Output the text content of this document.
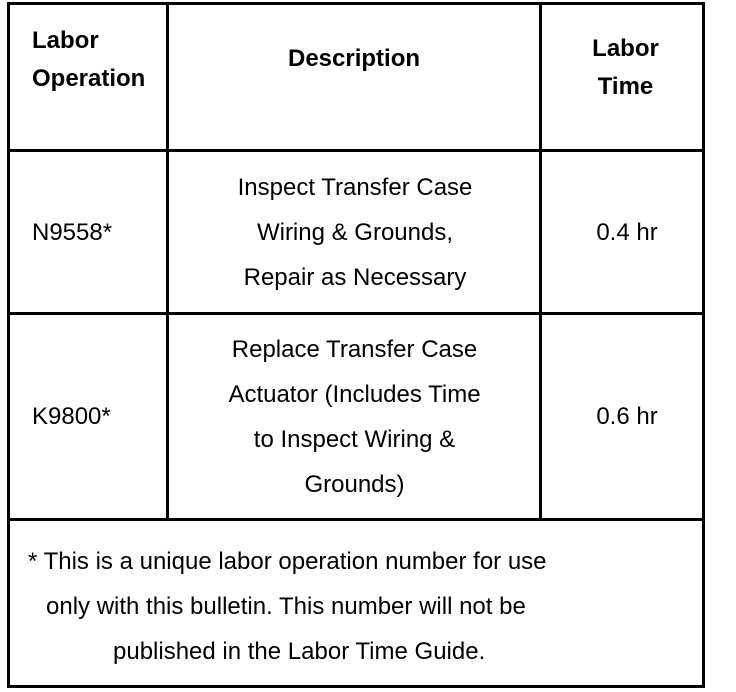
Labor
Operation
Description	Labor
Time
N9558*
Inspect Transfer Case
Wiring & Grounds,
Repair as Necessary
0.4 hr
K9800*
Replace Transfer Case
Actuator (Includes Time
to Inspect Wiring &
Grounds)
0.6 hr
* This is a unique labor operation number for use
only with this bulletin. This number will not be
published in the Labor Time Guide.
